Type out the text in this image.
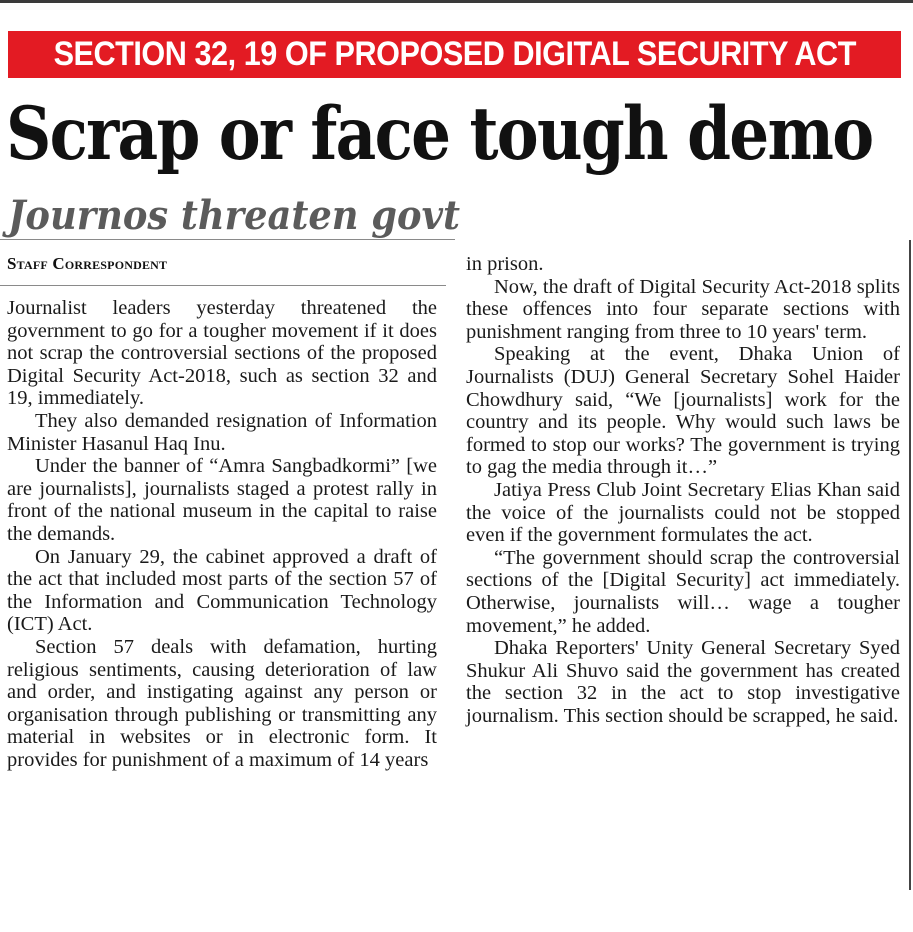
SECTION 32, 19 OF PROPOSED DIGITAL SECURITY ACT
Scrap or face tough demo
Journos threaten govt
Staff Correspondent

Journalist leaders yesterday threatened the government to go for a tougher movement if it does not scrap the controversial sections of the proposed Digital Security Act-2018, such as section 32 and 19, immediately.

They also demanded resignation of Information Minister Hasanul Haq Inu.

Under the banner of “Amra Sangbadkormi” [we are journalists], journalists staged a protest rally in front of the national museum in the capital to raise the demands.

On January 29, the cabinet approved a draft of the act that included most parts of the section 57 of the Information and Communication Technology (ICT) Act.

Section 57 deals with defamation, hurting religious sentiments, causing deterioration of law and order, and instigating against any person or organisation through publishing or transmitting any material in websites or in electronic form. It provides for punishment of a maximum of 14 years

in prison.

Now, the draft of Digital Security Act-2018 splits these offences into four separate sections with punishment ranging from three to 10 years' term.

Speaking at the event, Dhaka Union of Journalists (DUJ) General Secretary Sohel Haider Chowdhury said, “We [journalists] work for the country and its people. Why would such laws be formed to stop our works? The government is trying to gag the media through it…”

Jatiya Press Club Joint Secretary Elias Khan said the voice of the journalists could not be stopped even if the government formulates the act.

“The government should scrap the controversial sections of the [Digital Security] act immediately. Otherwise, journalists will… wage a tougher movement,” he added.

Dhaka Reporters' Unity General Secretary Syed Shukur Ali Shuvo said the government has created the section 32 in the act to stop investigative journalism. This section should be scrapped, he said.
